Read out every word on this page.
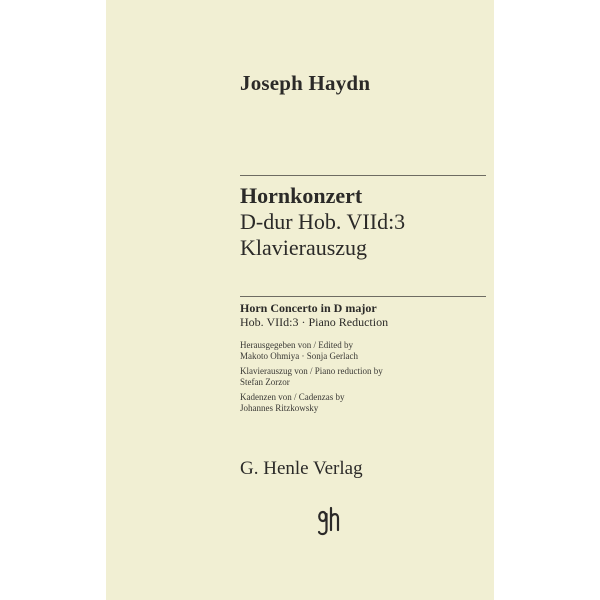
Joseph Haydn
Hornkonzert
D-dur Hob. VIId:3
Klavierauszug
Horn Concerto in D major
Hob. VIId:3 · Piano Reduction
Herausgegeben von / Edited by
Makoto Ohmiya · Sonja Gerlach
Klavierauszug von / Piano reduction by
Stefan Zorzor
Kadenzen von / Cadenzas by
Johannes Ritzkowsky
G. Henle Verlag
